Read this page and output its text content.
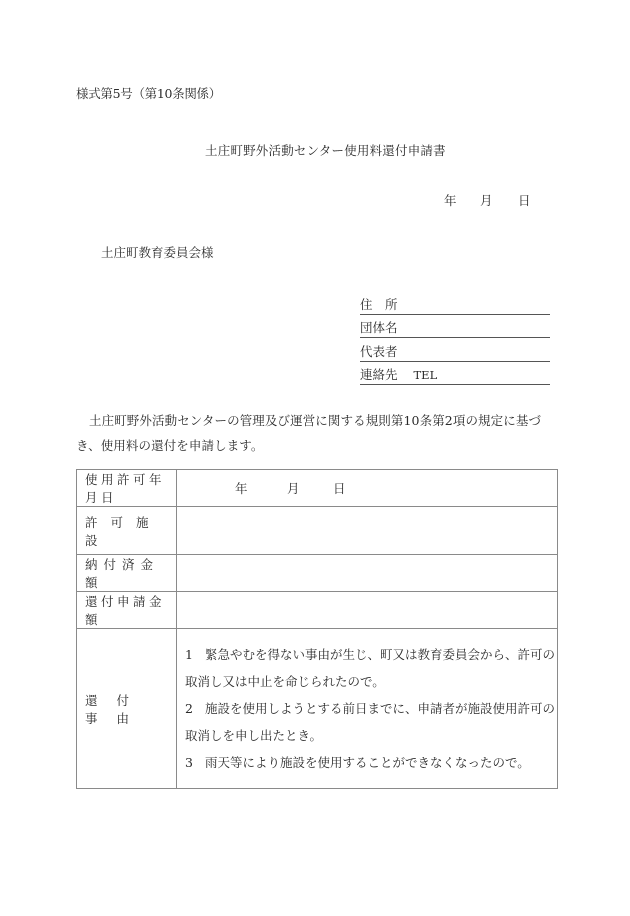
様式第5号（第10条関係）
土庄町野外活動センター使用料還付申請書
年 月 日
土庄町教育委員会様
住　所
団体名
代表者
連絡先 TEL
土庄町野外活動センターの管理及び運営に関する規則第10条第2項の規定に基づき、使用料の還付を申請します。
使用許可年月日	年 月 日
許可施設	
納付済金額	
還付申請金額	
還付事由	1 緊急やむを得ない事由が生じ、町又は教育委員会から、許可の取消し又は中止を命じられたので。
2 施設を使用しようとする前日までに、申請者が施設使用許可の取消しを申し出たとき。
3 雨天等により施設を使用することができなくなったので。
